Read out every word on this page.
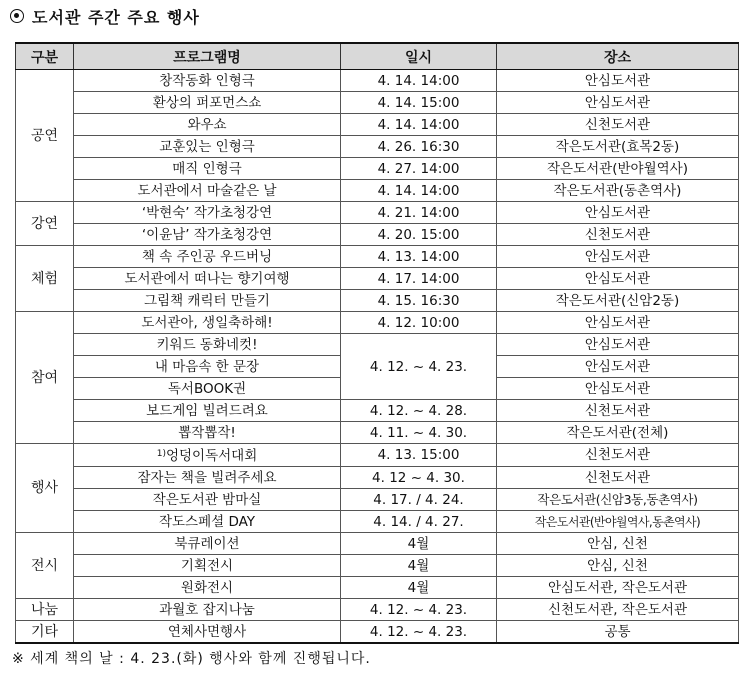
도서관 주간 주요 행사
구분	프로그램명	일시	장소
공연	창작동화 인형극	4. 14. 14:00	안심도서관
	환상의 퍼포먼스쇼	4. 14. 15:00	안심도서관
	와우쇼	4. 14. 14:00	신천도서관
	교훈있는 인형극	4. 26. 16:30	작은도서관(효목2동)
	매직 인형극	4. 27. 14:00	작은도서관(반야월역사)
	도서관에서 마술같은 날	4. 14. 14:00	작은도서관(동촌역사)
강연	‘박현숙’ 작가초청강연	4. 21. 14:00	안심도서관
	‘이윤남’ 작가초청강연	4. 20. 15:00	신천도서관
체험	책 속 주인공 우드버닝	4. 13. 14:00	안심도서관
	도서관에서 떠나는 향기여행	4. 17. 14:00	안심도서관
	그림책 캐릭터 만들기	4. 15. 16:30	작은도서관(신암2동)
참여	도서관아, 생일축하해!	4. 12. 10:00	안심도서관
	키워드 동화네컷!	4. 12. ~ 4. 23.	안심도서관
	내 마음속 한 문장		안심도서관
	독서BOOK권		안심도서관
	보드게임 빌려드려요	4. 12. ~ 4. 28.	신천도서관
	뽑작뽑작!	4. 11. ~ 4. 30.	작은도서관(전체)
행사	$^{1)}$엉덩이독서대회	4. 13. 15:00	신천도서관
	잠자는 책을 빌려주세요	4. 12 ~ 4. 30.	신천도서관
	작은도서관 밤마실	4. 17. / 4. 24.	작은도서관(신암3동,동촌역사)
	작도스페셜 DAY	4. 14. / 4. 27.	작은도서관(반야월역사,동촌역사)
전시	북큐레이션	4월	안심, 신천
	기획전시	4월	안심, 신천
	원화전시	4월	안심도서관, 작은도서관
나눔	과월호 잡지나눔	4. 12. ~ 4. 23.	신천도서관, 작은도서관
기타	연체사면행사	4. 12. ~ 4. 23.	공통
※ 세계 책의 날 : 4. 23.(화) 행사와 함께 진행됩니다.
